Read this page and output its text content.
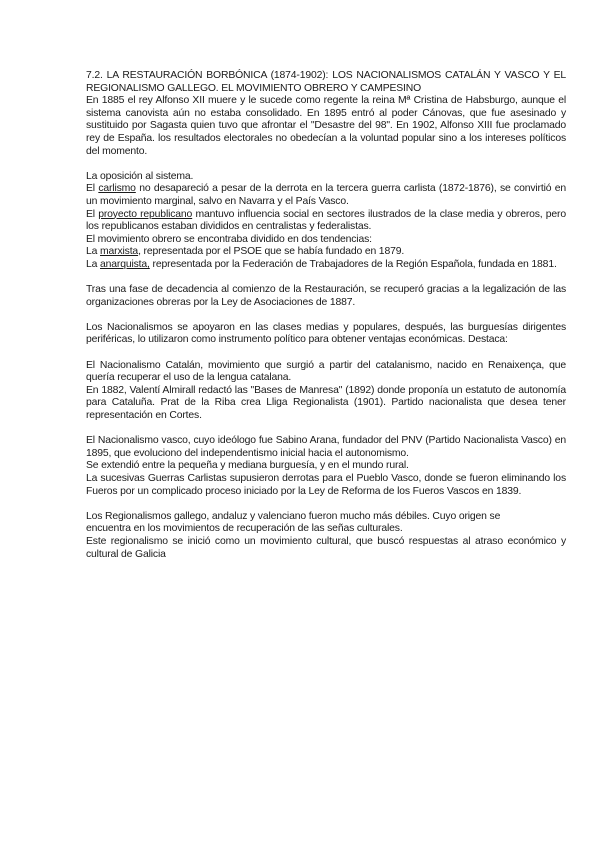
7.2. LA RESTAURACIÓN BORBÓNICA (1874-1902): LOS NACIONALISMOS CATALÁN Y VASCO Y EL REGIONALISMO GALLEGO. EL MOVIMIENTO OBRERO Y CAMPESINO

En 1885 el rey Alfonso XII muere y le sucede como regente la reina Mª Cristina de Habsburgo, aunque el sistema canovista aún no estaba consolidado. En 1895 entró al poder Cánovas, que fue asesinado y sustituido por Sagasta quien tuvo que afrontar el "Desastre del 98". En 1902, Alfonso XIII fue proclamado rey de España. los resultados electorales no obedecían a la voluntad popular sino a los intereses políticos del momento.

La oposición al sistema.

El carlismo no desapareció a pesar de la derrota en la tercera guerra carlista (1872-1876), se convirtió en un movimiento marginal, salvo en Navarra y el País Vasco.

El proyecto republicano mantuvo influencia social en sectores ilustrados de la clase media y obreros, pero los republicanos estaban divididos en centralistas y federalistas.

El movimiento obrero se encontraba dividido en dos tendencias:

La marxista, representada por el PSOE que se había fundado en 1879.

La anarquista, representada por la Federación de Trabajadores de la Región Española, fundada en 1881.

Tras una fase de decadencia al comienzo de la Restauración, se recuperó gracias a la legalización de las organizaciones obreras por la Ley de Asociaciones de 1887.

Los Nacionalismos se apoyaron en las clases medias y populares, después, las burguesías dirigentes periféricas, lo utilizaron como instrumento político para obtener ventajas económicas. Destaca:

El Nacionalismo Catalán, movimiento que surgió a partir del catalanismo, nacido en Renaixença, que quería recuperar el uso de la lengua catalana.

En 1882, Valentí Almirall redactó las "Bases de Manresa" (1892) donde proponía un estatuto de autonomía para Cataluña. Prat de la Riba crea Lliga Regionalista (1901). Partido nacionalista que desea tener representación en Cortes.

El Nacionalismo vasco, cuyo ideólogo fue Sabino Arana, fundador del PNV (Partido Nacionalista Vasco) en 1895, que evoluciono del independentismo inicial hacia el autonomismo.

Se extendió entre la pequeña y mediana burguesía, y en el mundo rural.

La sucesivas Guerras Carlistas supusieron derrotas para el Pueblo Vasco, donde se fueron eliminando los Fueros por un complicado proceso iniciado por la Ley de Reforma de los Fueros Vascos en 1839.

Los Regionalismos gallego, andaluz y valenciano fueron mucho más débiles. Cuyo origen se

encuentra en los movimientos de recuperación de las señas culturales.

Este regionalismo se inició como un movimiento cultural, que buscó respuestas al atraso económico y cultural de Galicia
